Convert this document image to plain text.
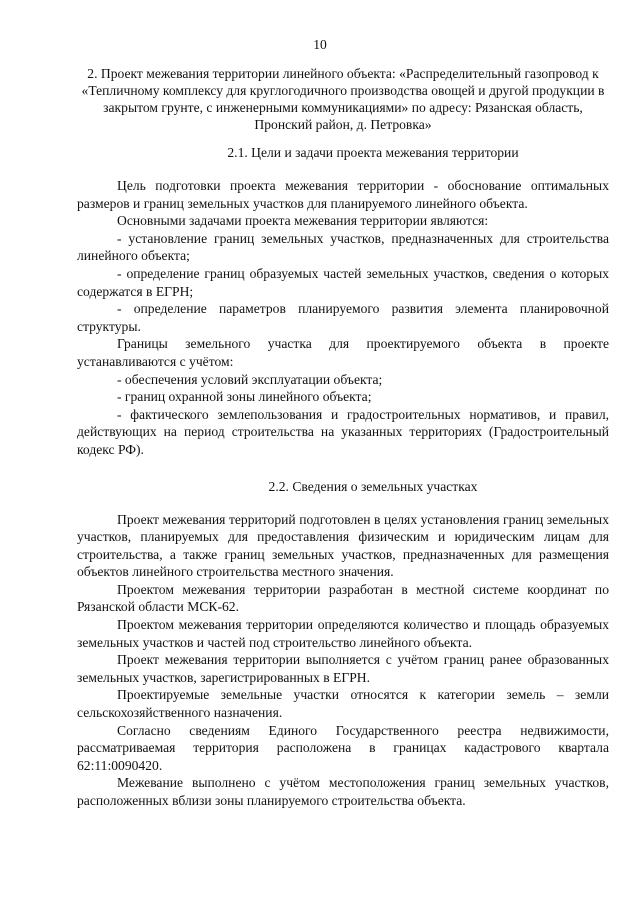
10

2. Проект межевания территории линейного объекта: «Распределительный газопровод к «Тепличному комплексу для круглогодичного производства овощей и другой продукции в закрытом грунте, с инженерными коммуникациями» по адресу: Рязанская область, Пронский район, д. Петровка»

2.1. Цели и задачи проекта межевания территории

Цель подготовки проекта межевания территории - обоснование оптимальных размеров и границ земельных участков для планируемого линейного объекта.

Основными задачами проекта межевания территории являются:

- установление границ земельных участков, предназначенных для строительства линейного объекта;

- определение границ образуемых частей земельных участков, сведения о которых содержатся в ЕГРН;

- определение параметров планируемого развития элемента планировочной структуры.

Границы земельного участка для проектируемого объекта в проекте устанавливаются с учётом:

- обеспечения условий эксплуатации объекта;

- границ охранной зоны линейного объекта;

- фактического землепользования и градостроительных нормативов, и правил, действующих на период строительства на указанных территориях (Градостроительный кодекс РФ).

2.2. Сведения о земельных участках

Проект межевания территорий подготовлен в целях установления границ земельных участков, планируемых для предоставления физическим и юридическим лицам для строительства, а также границ земельных участков, предназначенных для размещения объектов линейного строительства местного значения.

Проектом межевания территории разработан в местной системе координат по Рязанской области МСК-62.

Проектом межевания территории определяются количество и площадь образуемых земельных участков и частей под строительство линейного объекта.

Проект межевания территории выполняется с учётом границ ранее образованных земельных участков, зарегистрированных в ЕГРН.

Проектируемые земельные участки относятся к категории земель – земли сельскохозяйственного назначения.

Согласно сведениям Единого Государственного реестра недвижимости, рассматриваемая территория расположена в границах кадастрового квартала 62:11:0090420.

Межевание выполнено с учётом местоположения границ земельных участков, расположенных вблизи зоны планируемого строительства объекта.
